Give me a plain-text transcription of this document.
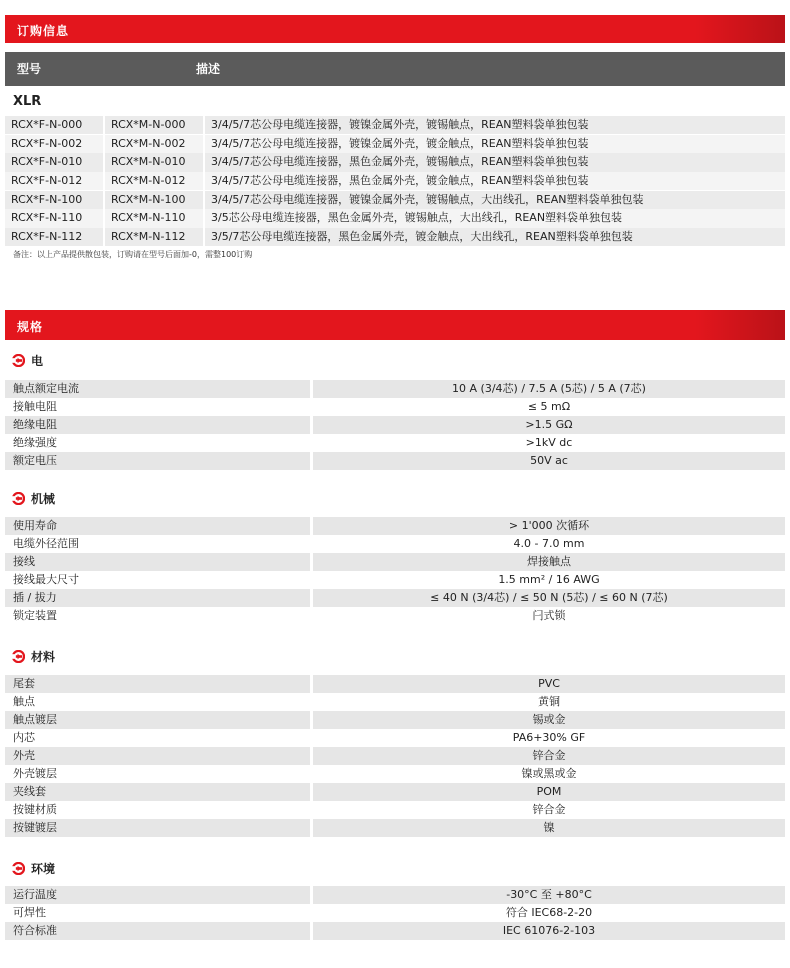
订购信息
型号	描述
XLR
RCX*F-N-000	RCX*M-N-000	3/4/5/7芯公母电缆连接器，镀镍金属外壳，镀锡触点，REAN塑料袋单独包装
RCX*F-N-002	RCX*M-N-002	3/4/5/7芯公母电缆连接器，镀镍金属外壳，镀金触点，REAN塑料袋单独包装
RCX*F-N-010	RCX*M-N-010	3/4/5/7芯公母电缆连接器，黑色金属外壳，镀锡触点，REAN塑料袋单独包装
RCX*F-N-012	RCX*M-N-012	3/4/5/7芯公母电缆连接器，黑色金属外壳，镀金触点，REAN塑料袋单独包装
RCX*F-N-100	RCX*M-N-100	3/4/5/7芯公母电缆连接器，镀镍金属外壳，镀锡触点，大出线孔，REAN塑料袋单独包装
RCX*F-N-110	RCX*M-N-110	3/5芯公母电缆连接器，黑色金属外壳，镀锡触点，大出线孔，REAN塑料袋单独包装
RCX*F-N-112	RCX*M-N-112	3/5/7芯公母电缆连接器，黑色金属外壳，镀金触点，大出线孔，REAN塑料袋单独包装
备注：以上产品提供散包装，订购请在型号后面加-0，需整100订购
规格
电
触点额定电流	10 A (3/4芯) / 7.5 A (5芯) / 5 A (7芯)
接触电阻	≤ 5 mΩ
绝缘电阻	>1.5 GΩ
绝缘强度	>1kV dc
额定电压	50V ac
机械
使用寿命	> 1'000 次循环
电缆外径范围	4.0 - 7.0 mm
接线	焊接触点
接线最大尺寸	1.5 mm² / 16 AWG
插 / 拔力	≤ 40 N (3/4芯) / ≤ 50 N (5芯) / ≤ 60 N (7芯)
锁定装置	闩式锁
材料
尾套	PVC
触点	黄铜
触点镀层	锡或金
内芯	PA6+30% GF
外壳	锌合金
外壳镀层	镍或黑或金
夹线套	POM
按键材质	锌合金
按键镀层	镍
环境
运行温度	-30°C 至 +80°C
可焊性	符合 IEC68-2-20
符合标准	IEC 61076-2-103
